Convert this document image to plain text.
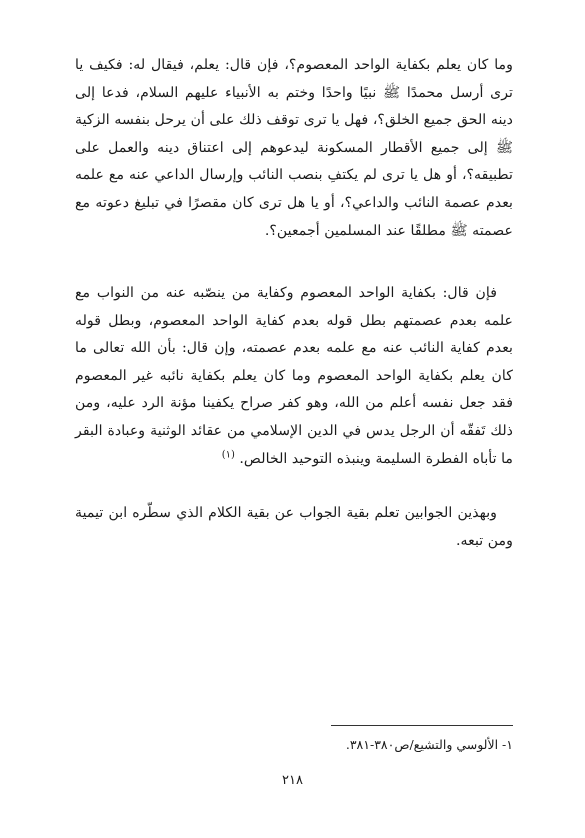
وما كان يعلم بكفاية الواحد المعصوم؟، فإن قال: يعلم، فيقال له: فكيف يا ترى أرسل محمدًا ﷺ نبيًا واحدًا وختم به الأنبياء عليهم السلام، فدعا إلى دينه الحق جميع الخلق؟، فهل يا ترى توقف ذلك على أن يرحل بنفسه الزكية ﷺ إلى جميع الأقطار المسكونة ليدعوهم إلى اعتناق دينه والعمل على تطبيقه؟، أو هل يا ترى لم يكتفِ بنصب النائب وإرسال الداعي عنه مع علمه بعدم عصمة النائب والداعي؟، أو يا هل ترى كان مقصرًا في تبليغ دعوته مع عصمته ﷺ مطلقًا عند المسلمين أجمعين؟.

فإن قال: بكفاية الواحد المعصوم وكفاية من ينصّبه عنه من النواب مع علمه بعدم عصمتهم بطل قوله بعدم كفاية الواحد المعصوم، وبطل قوله بعدم كفاية النائب عنه مع علمه بعدم عصمته، وإن قال: بأن الله تعالى ما كان يعلم بكفاية الواحد المعصوم وما كان يعلم بكفاية نائبه غير المعصوم فقد جعل نفسه أعلم من الله، وهو كفر صراح يكفينا مؤنة الرد عليه، ومن ذلك تَفقّه أن الرجل يدس في الدين الإسلامي من عقائد الوثنية وعبادة البقر ما تأباه الفطرة السليمة وينبذه التوحيد الخالص. $^{(١)}$

وبهذين الجوابين تعلم بقية الجواب عن بقية الكلام الذي سطّره ابن تيمية ومن تبعه.

١- الألوسي والتشيع/ص٣٨٠-٣٨١.
٢١٨
